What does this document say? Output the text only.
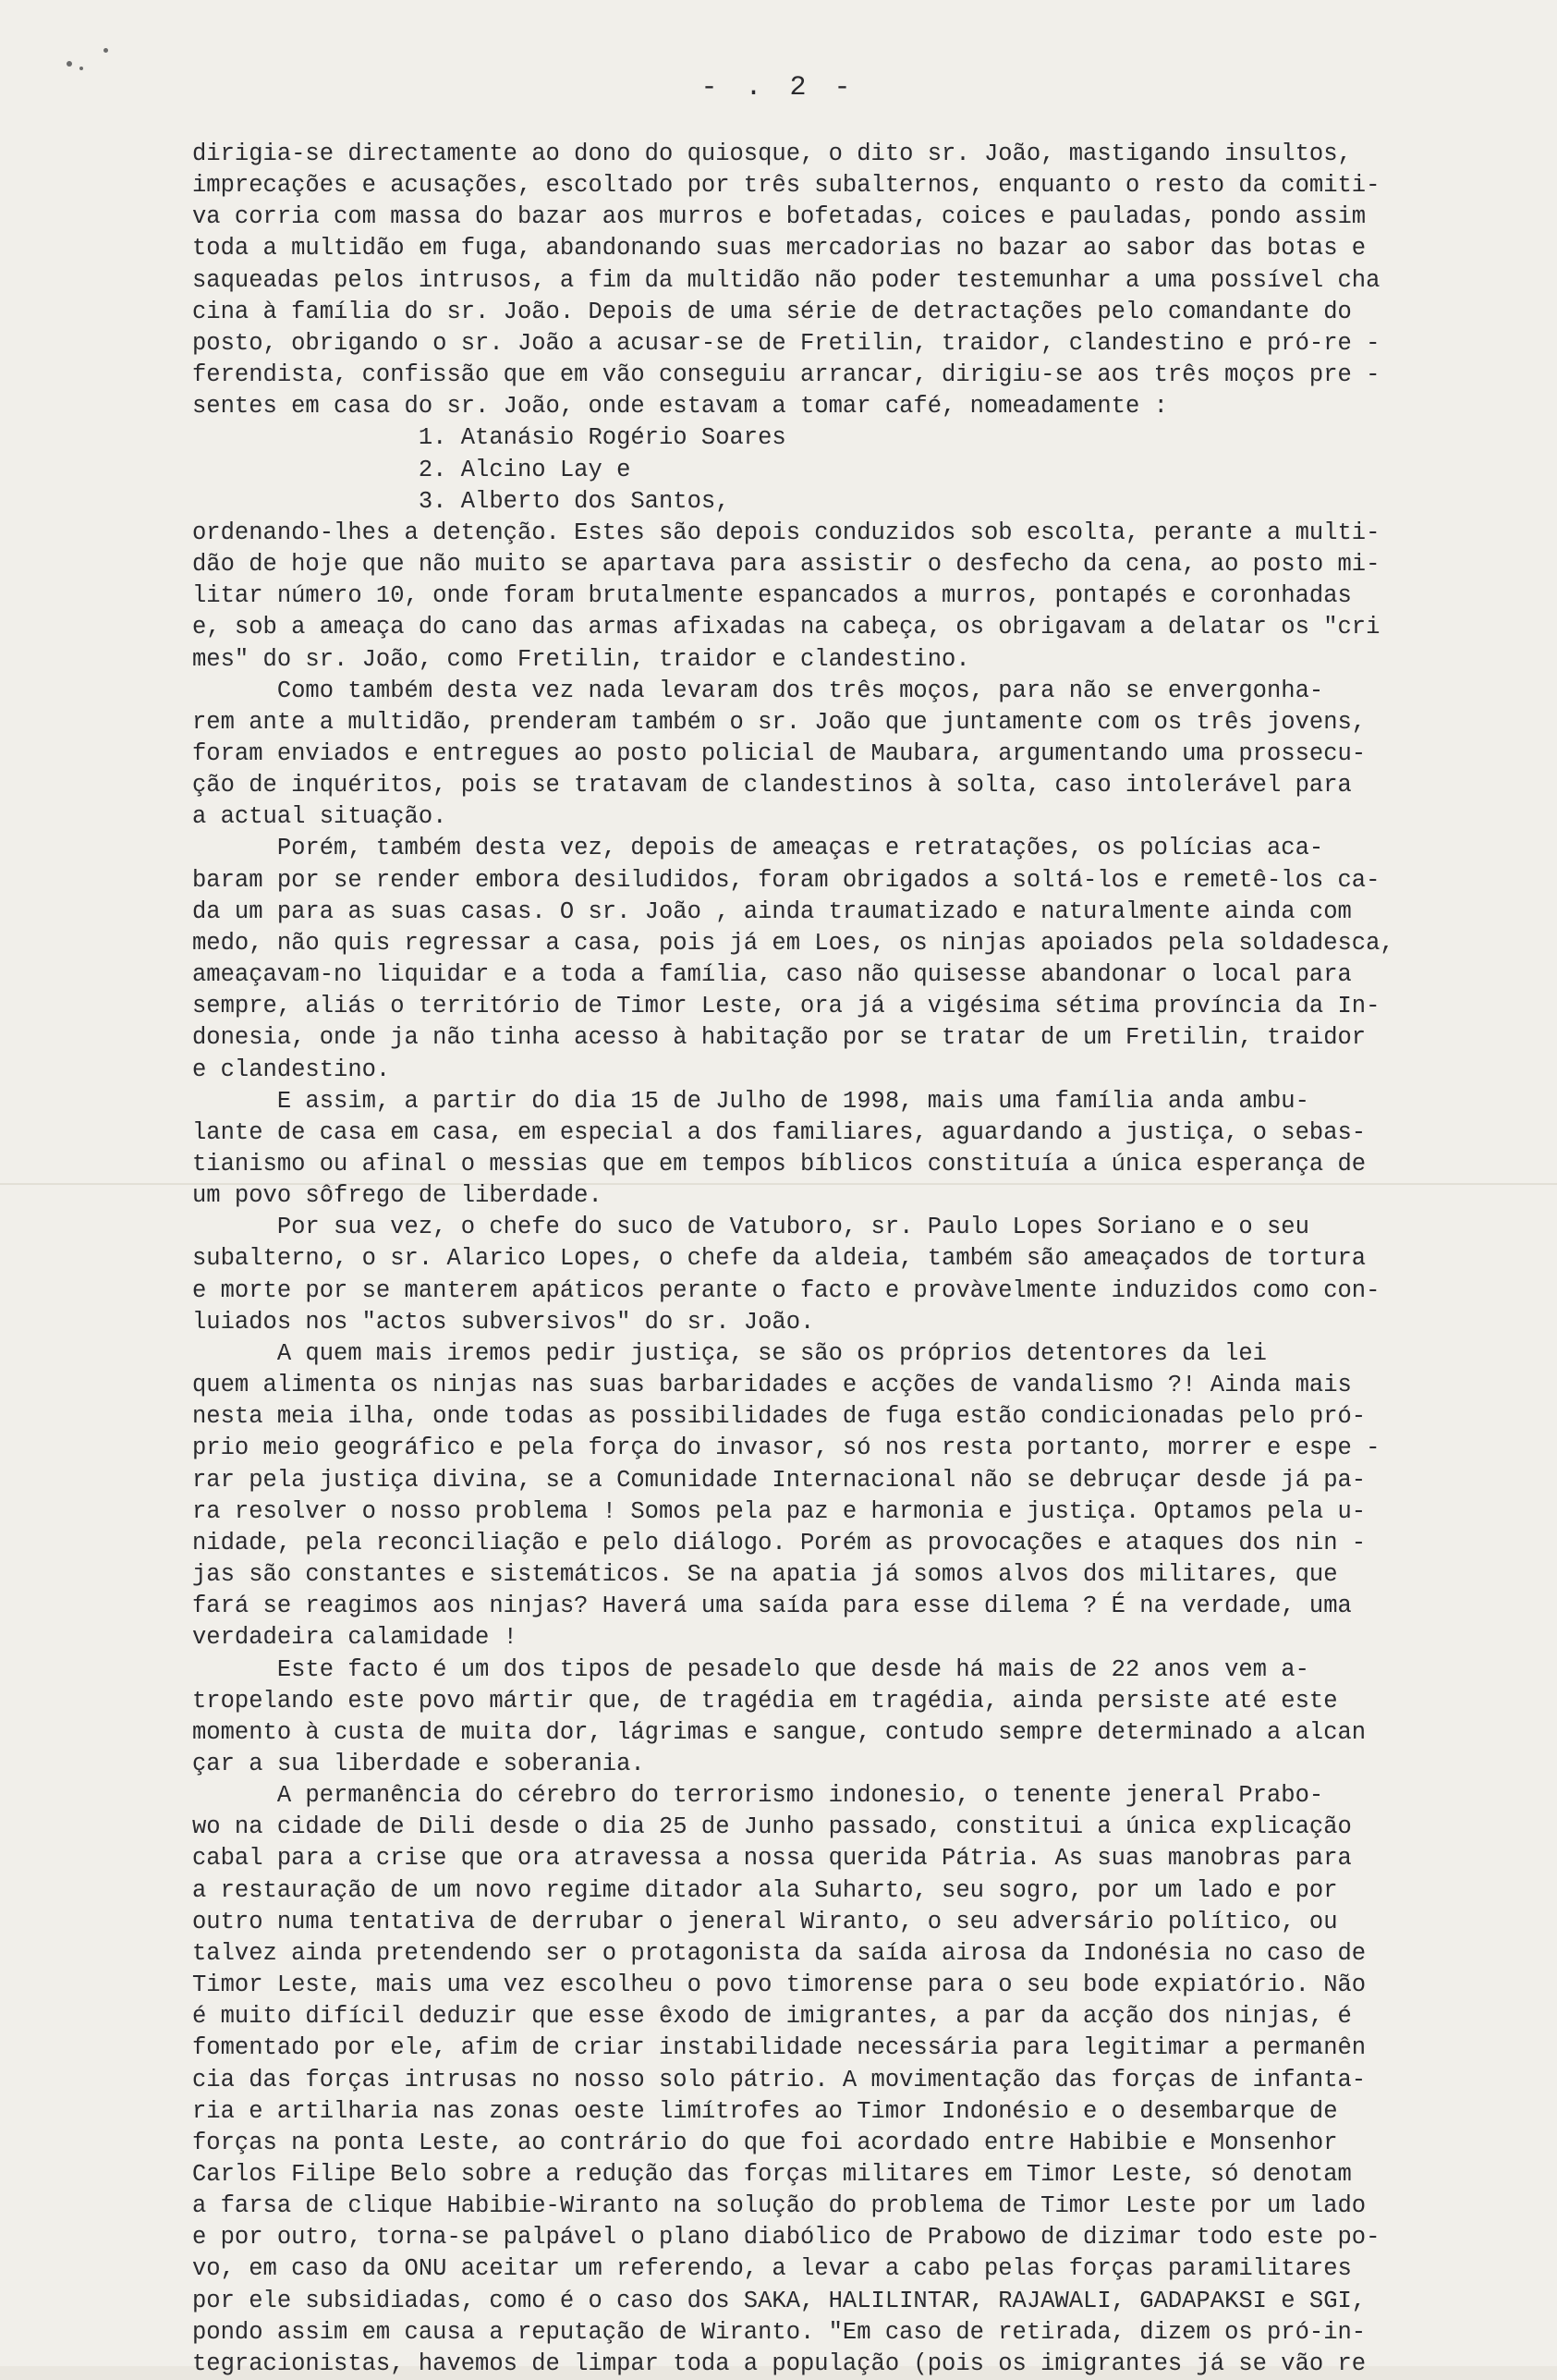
- . 2 -

dirigia-se directamente ao dono do quiosque, o dito sr. João, mastigando insultos,

imprecações e acusações, escoltado por três subalternos, enquanto o resto da comiti-

va corria com massa do bazar aos murros e bofetadas, coices e pauladas, pondo assim

toda a multidão em fuga, abandonando suas mercadorias no bazar ao sabor das botas e

saqueadas pelos intrusos, a fim da multidão não poder testemunhar a uma possível cha

cina à família do sr. João. Depois de uma série de detractações pelo comandante do

posto, obrigando o sr. João a acusar-se de Fretilin, traidor, clandestino e pró-re -

ferendista, confissão que em vão conseguiu arrancar, dirigiu-se aos três moços pre -

sentes em casa do sr. João, onde estavam a tomar café, nomeadamente :

1. Atanásio Rogério Soares

2. Alcino Lay e

3. Alberto dos Santos,

ordenando-lhes a detenção. Estes são depois conduzidos sob escolta, perante a multi-

dão de hoje que não muito se apartava para assistir o desfecho da cena, ao posto mi-

litar número 10, onde foram brutalmente espancados a murros, pontapés e coronhadas

e, sob a ameaça do cano das armas afixadas na cabeça, os obrigavam a delatar os "cri

mes" do sr. João, como Fretilin, traidor e clandestino.

Como também desta vez nada levaram dos três moços, para não se envergonha-

rem ante a multidão, prenderam também o sr. João que juntamente com os três jovens,

foram enviados e entregues ao posto policial de Maubara, argumentando uma prossecu-

ção de inquéritos, pois se tratavam de clandestinos à solta, caso intolerável para

a actual situação.

Porém, também desta vez, depois de ameaças e retratações, os polícias aca-

baram por se render embora desiludidos, foram obrigados a soltá-los e remetê-los ca-

da um para as suas casas. O sr. João , ainda traumatizado e naturalmente ainda com

medo, não quis regressar a casa, pois já em Loes, os ninjas apoiados pela soldadesca,

ameaçavam-no liquidar e a toda a família, caso não quisesse abandonar o local para

sempre, aliás o território de Timor Leste, ora já a vigésima sétima província da In-

donesia, onde ja não tinha acesso à habitação por se tratar de um Fretilin, traidor

e clandestino.

E assim, a partir do dia 15 de Julho de 1998, mais uma família anda ambu-

lante de casa em casa, em especial a dos familiares, aguardando a justiça, o sebas-

tianismo ou afinal o messias que em tempos bíblicos constituía a única esperança de

um povo sôfrego de liberdade.

Por sua vez, o chefe do suco de Vatuboro, sr. Paulo Lopes Soriano e o seu

subalterno, o sr. Alarico Lopes, o chefe da aldeia, também são ameaçados de tortura

e morte por se manterem apáticos perante o facto e provàvelmente induzidos como con-

luiados nos "actos subversivos" do sr. João.

A quem mais iremos pedir justiça, se são os próprios detentores da lei

quem alimenta os ninjas nas suas barbaridades e acções de vandalismo ?! Ainda mais

nesta meia ilha, onde todas as possibilidades de fuga estão condicionadas pelo pró-

prio meio geográfico e pela força do invasor, só nos resta portanto, morrer e espe -

rar pela justiça divina, se a Comunidade Internacional não se debruçar desde já pa-

ra resolver o nosso problema ! Somos pela paz e harmonia e justiça. Optamos pela u-

nidade, pela reconciliação e pelo diálogo. Porém as provocações e ataques dos nin -

jas são constantes e sistemáticos. Se na apatia já somos alvos dos militares, que

fará se reagimos aos ninjas? Haverá uma saída para esse dilema ? É na verdade, uma

verdadeira calamidade !

Este facto é um dos tipos de pesadelo que desde há mais de 22 anos vem a-

tropelando este povo mártir que, de tragédia em tragédia, ainda persiste até este

momento à custa de muita dor, lágrimas e sangue, contudo sempre determinado a alcan

çar a sua liberdade e soberania.

A permanência do cérebro do terrorismo indonesio, o tenente jeneral Prabo-

wo na cidade de Dili desde o dia 25 de Junho passado, constitui a única explicação

cabal para a crise que ora atravessa a nossa querida Pátria. As suas manobras para

a restauração de um novo regime ditador ala Suharto, seu sogro, por um lado e por

outro numa tentativa de derrubar o jeneral Wiranto, o seu adversário político, ou

talvez ainda pretendendo ser o protagonista da saída airosa da Indonésia no caso de

Timor Leste, mais uma vez escolheu o povo timorense para o seu bode expiatório. Não

é muito difícil deduzir que esse êxodo de imigrantes, a par da acção dos ninjas, é

fomentado por ele, afim de criar instabilidade necessária para legitimar a permanên

cia das forças intrusas no nosso solo pátrio. A movimentação das forças de infanta-

ria e artilharia nas zonas oeste limítrofes ao Timor Indonésio e o desembarque de

forças na ponta Leste, ao contrário do que foi acordado entre Habibie e Monsenhor

Carlos Filipe Belo sobre a redução das forças militares em Timor Leste, só denotam

a farsa de clique Habibie-Wiranto na solução do problema de Timor Leste por um lado

e por outro, torna-se palpável o plano diabólico de Prabowo de dizimar todo este po-

vo, em caso da ONU aceitar um referendo, a levar a cabo pelas forças paramilitares

por ele subsidiadas, como é o caso dos SAKA, HALILINTAR, RAJAWALI, GADAPAKSI e SGI,

pondo assim em causa a reputação de Wiranto. "Em caso de retirada, dizem os pró-in-

tegracionistas, havemos de limpar toda a população (pois os imigrantes já se vão re
